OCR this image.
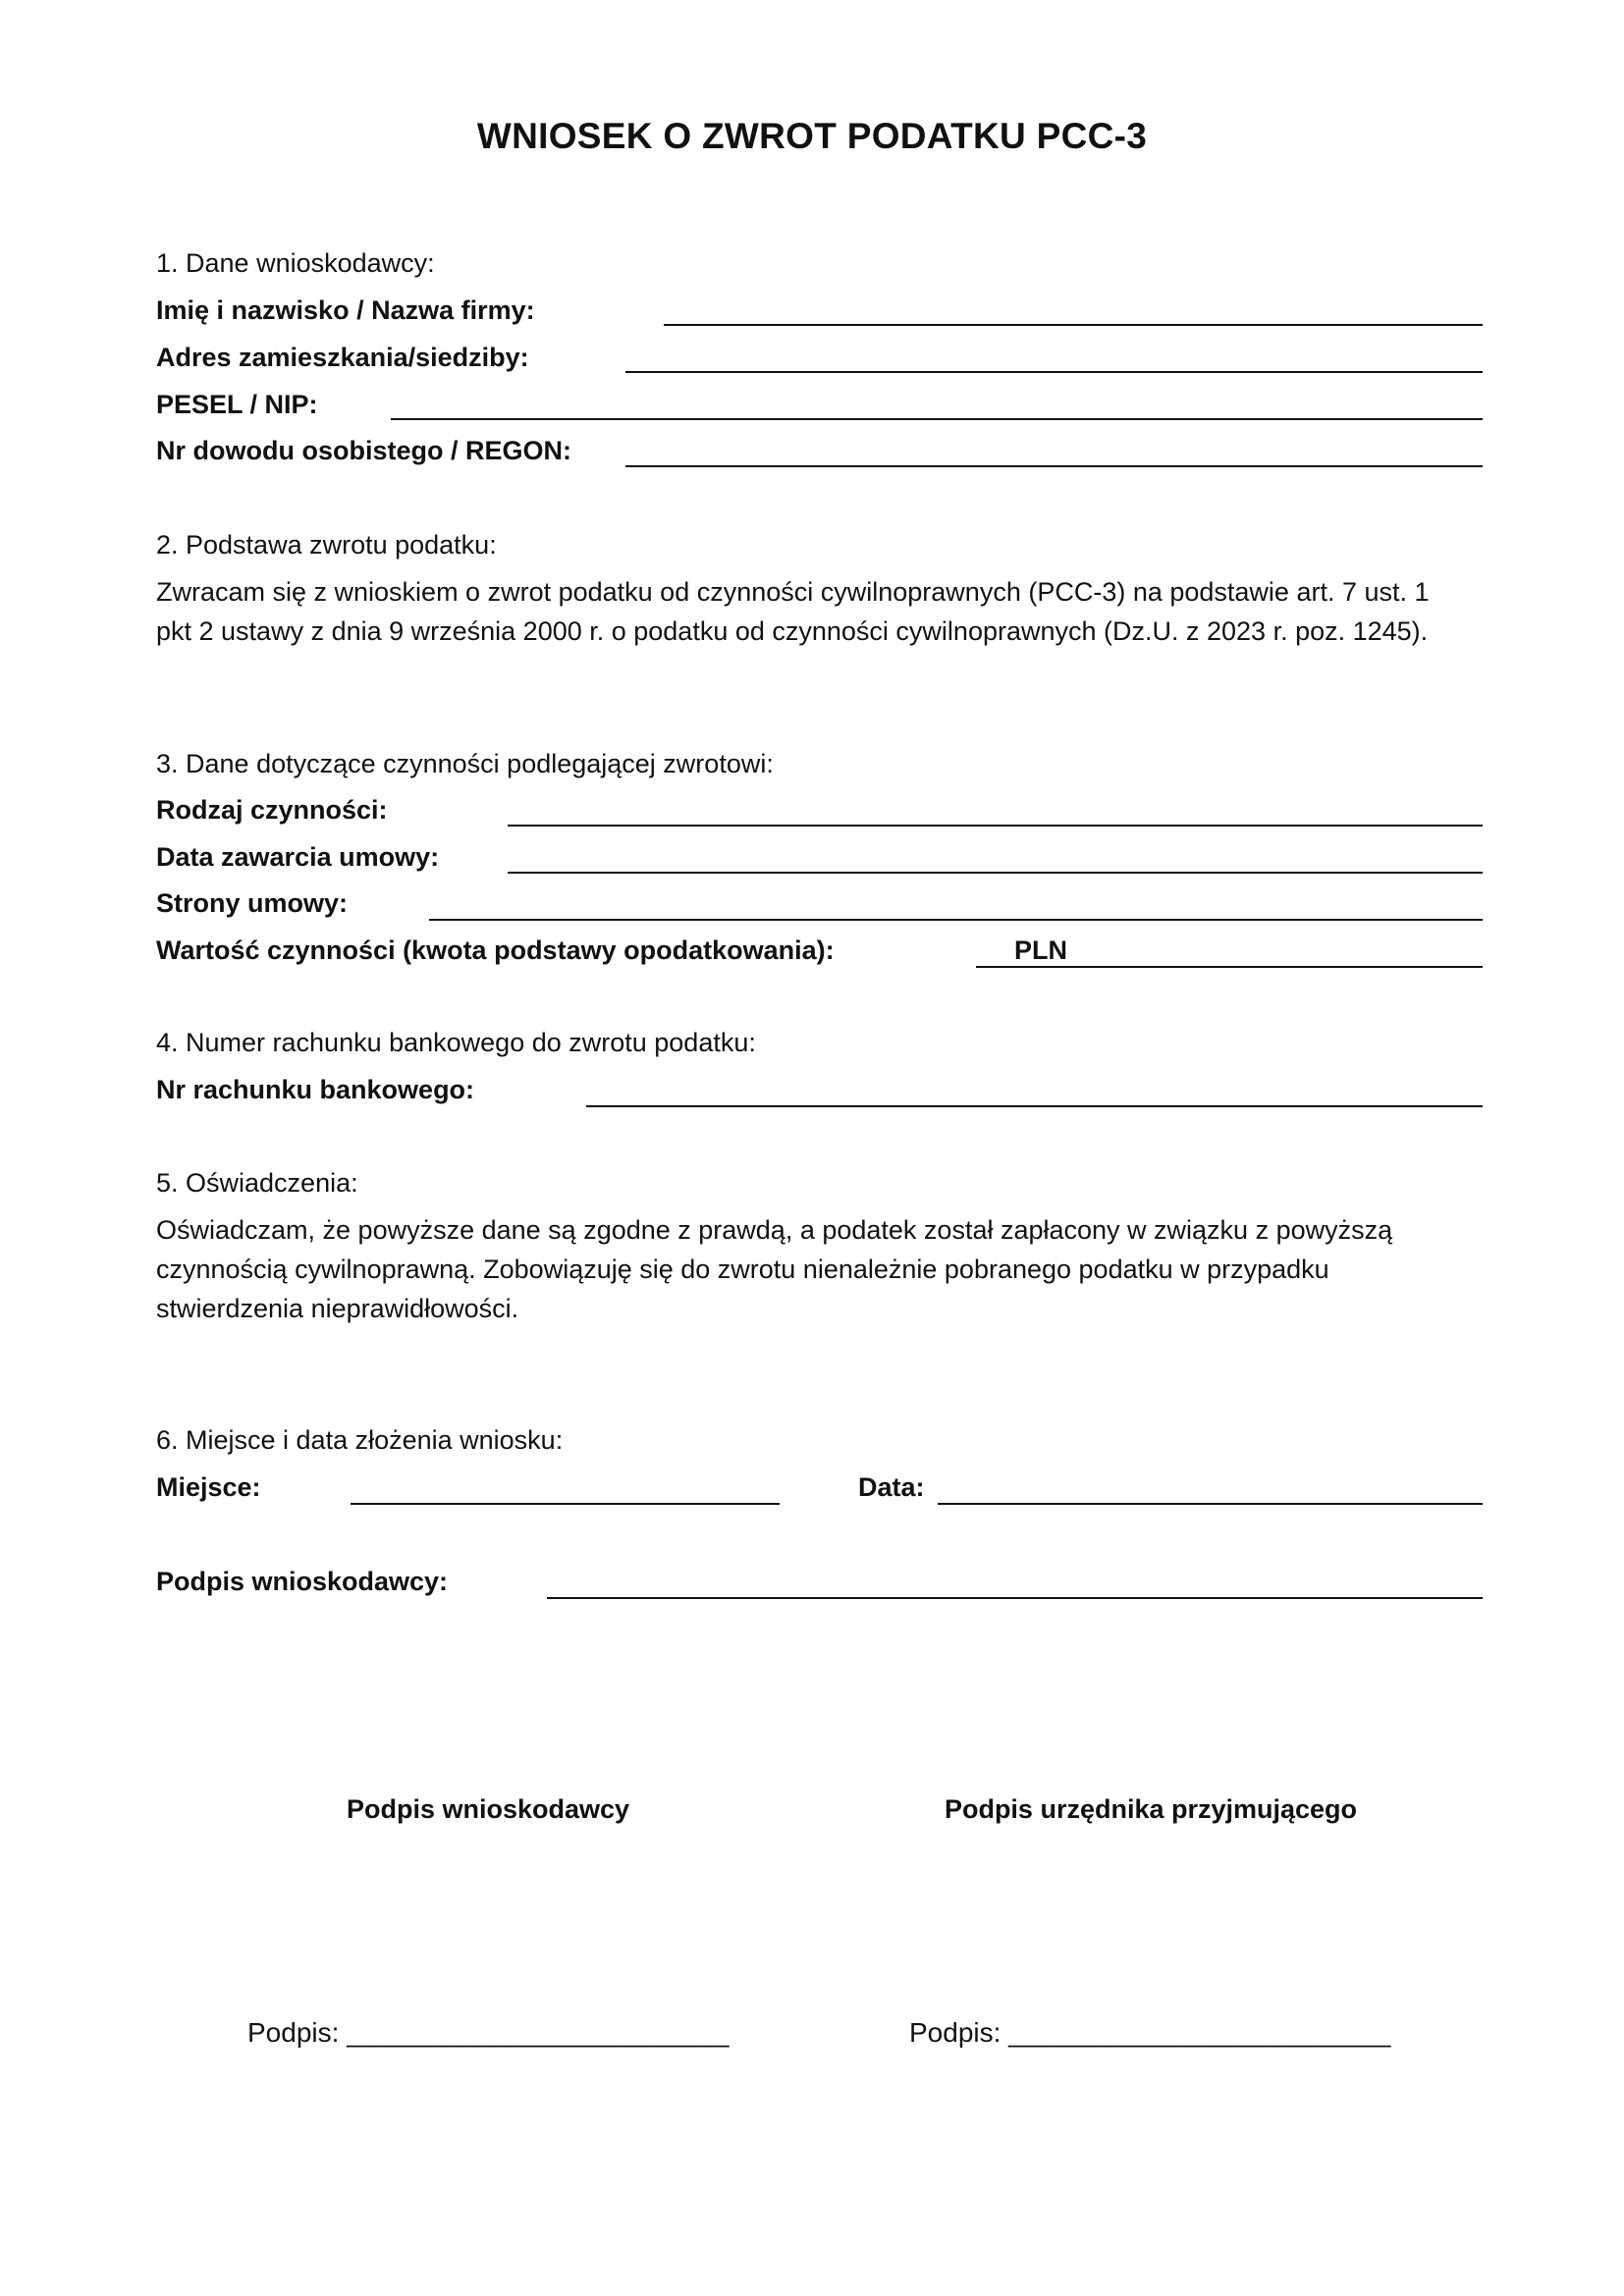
WNIOSEK O ZWROT PODATKU PCC-3
1. Dane wnioskodawcy:
Imię i nazwisko / Nazwa firmy:
Adres zamieszkania/siedziby:
PESEL / NIP:
Nr dowodu osobistego / REGON:
2. Podstawa zwrotu podatku:
Zwracam się z wnioskiem o zwrot podatku od czynności cywilnoprawnych (PCC-3) na podstawie art. 7 ust. 1
pkt 2 ustawy z dnia 9 września 2000 r. o podatku od czynności cywilnoprawnych (Dz.U. z 2023 r. poz. 1245).
3. Dane dotyczące czynności podlegającej zwrotowi:
Rodzaj czynności:
Data zawarcia umowy:
Strony umowy:
Wartość czynności (kwota podstawy opodatkowania):	PLN
4. Numer rachunku bankowego do zwrotu podatku:
Nr rachunku bankowego:
5. Oświadczenia:
Oświadczam, że powyższe dane są zgodne z prawdą, a podatek został zapłacony w związku z powyższą
czynnością cywilnoprawną. Zobowiązuję się do zwrotu nienależnie pobranego podatku w przypadku
stwierdzenia nieprawidłowości.
6. Miejsce i data złożenia wniosku:
Miejsce:	Data:
Podpis wnioskodawcy:
Podpis wnioskodawcy	Podpis urzędnika przyjmującego
Podpis: _________________________	Podpis: _________________________
